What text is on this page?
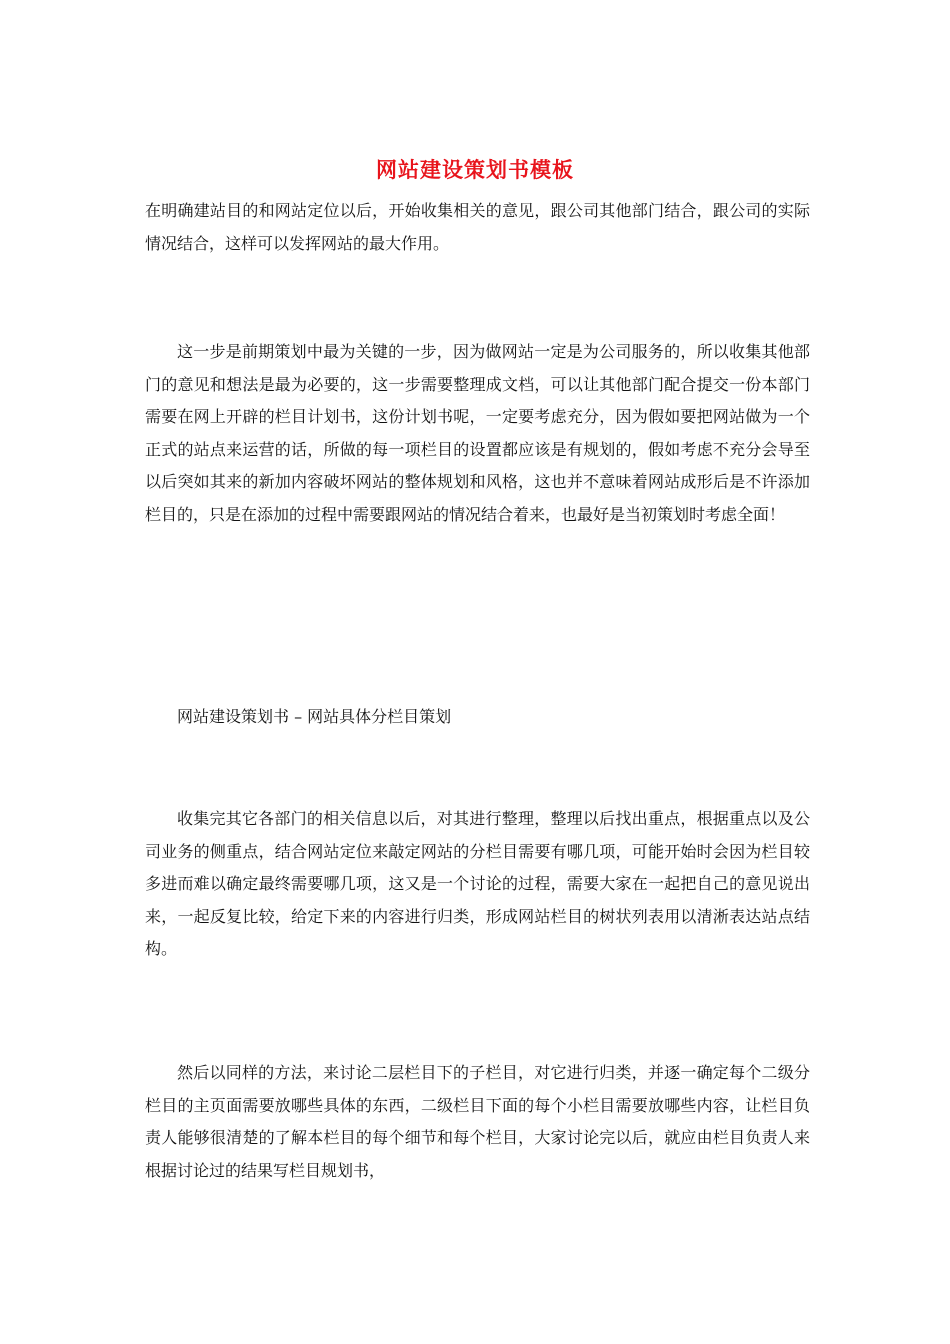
网站建设策划书模板

在明确建站目的和网站定位以后，开始收集相关的意见，跟公司其他部门结合，跟公司的实际情况结合，这样可以发挥网站的最大作用。

这一步是前期策划中最为关键的一步，因为做网站一定是为公司服务的，所以收集其他部门的意见和想法是最为必要的，这一步需要整理成文档，可以让其他部门配合提交一份本部门需要在网上开辟的栏目计划书，这份计划书呢，一定要考虑充分，因为假如要把网站做为一个正式的站点来运营的话，所做的每一项栏目的设置都应该是有规划的，假如考虑不充分会导至以后突如其来的新加内容破坏网站的整体规划和风格，这也并不意味着网站成形后是不许添加栏目的，只是在添加的过程中需要跟网站的情况结合着来，也最好是当初策划时考虑全面！

网站建设策划书 – 网站具体分栏目策划

收集完其它各部门的相关信息以后，对其进行整理，整理以后找出重点，根据重点以及公司业务的侧重点，结合网站定位来敲定网站的分栏目需要有哪几项，可能开始时会因为栏目较多进而难以确定最终需要哪几项，这又是一个讨论的过程，需要大家在一起把自己的意见说出来，一起反复比较，给定下来的内容进行归类，形成网站栏目的树状列表用以清淅表达站点结构。

然后以同样的方法，来讨论二层栏目下的子栏目，对它进行归类，并逐一确定每个二级分栏目的主页面需要放哪些具体的东西，二级栏目下面的每个小栏目需要放哪些内容，让栏目负责人能够很清楚的了解本栏目的每个细节和每个栏目，大家讨论完以后，就应由栏目负责人来根据讨论过的结果写栏目规划书，
